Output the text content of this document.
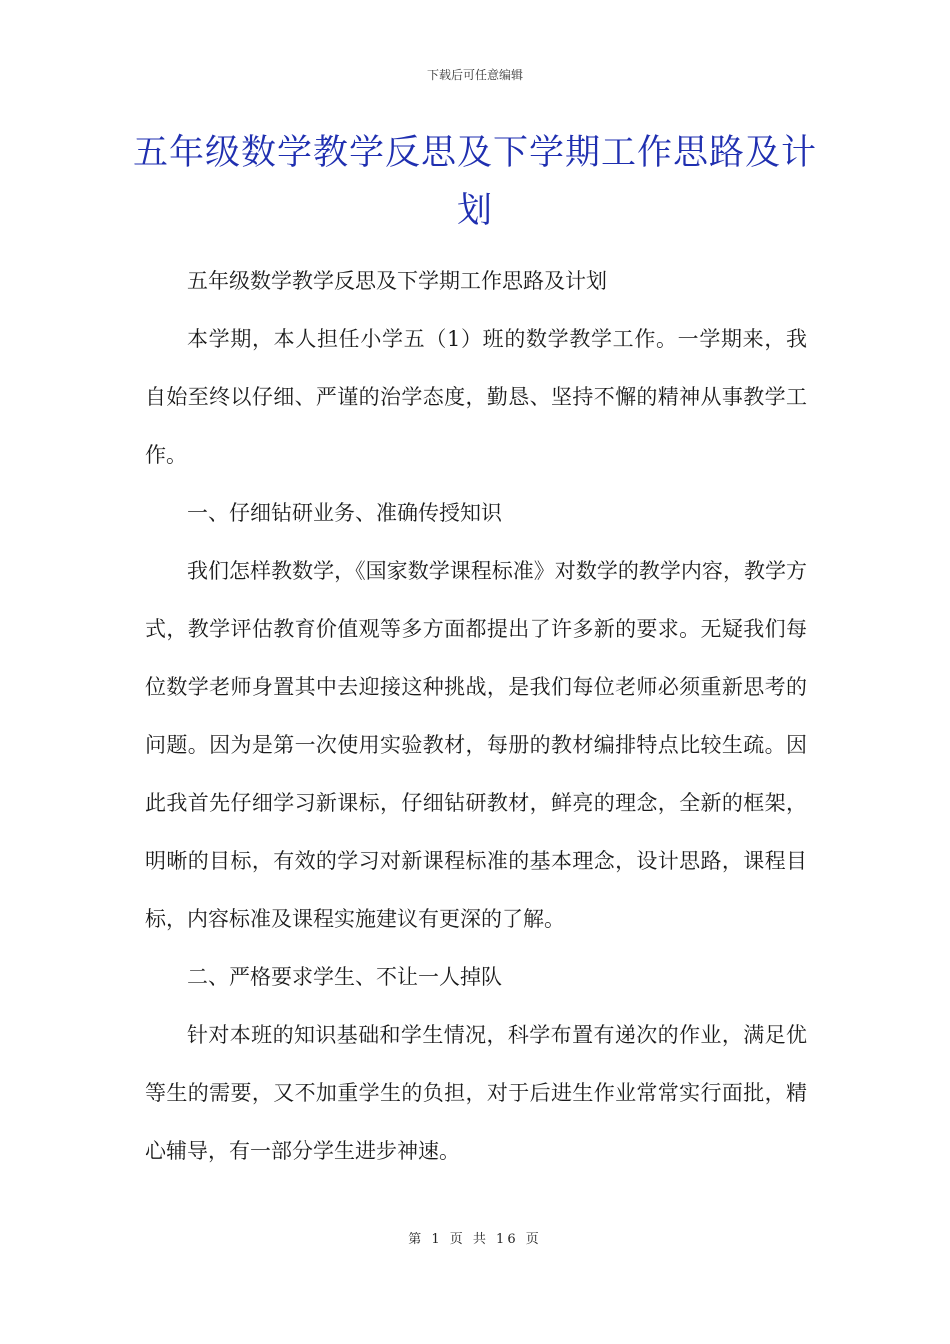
下载后可任意编辑
五年级数学教学反思及下学期工作思路及计划

五年级数学教学反思及下学期工作思路及计划

本学期，本人担任小学五（1）班的数学教学工作。一学期来，我自始至终以仔细、严谨的治学态度，勤恳、坚持不懈的精神从事教学工作。

一、仔细钻研业务、准确传授知识

我们怎样教数学，《国家数学课程标准》对数学的教学内容，教学方式，教学评估教育价值观等多方面都提出了许多新的要求。无疑我们每位数学老师身置其中去迎接这种挑战，是我们每位老师必须重新思考的问题。因为是第一次使用实验教材，每册的教材编排特点比较生疏。因此我首先仔细学习新课标，仔细钻研教材，鲜亮的理念，全新的框架，明晰的目标，有效的学习对新课程标准的基本理念，设计思路，课程目标，内容标准及课程实施建议有更深的了解。

二、严格要求学生、不让一人掉队

针对本班的知识基础和学生情况，科学布置有递次的作业，满足优等生的需要，又不加重学生的负担，对于后进生作业常常实行面批，精心辅导，有一部分学生进步神速。

第 1 页 共 16 页
